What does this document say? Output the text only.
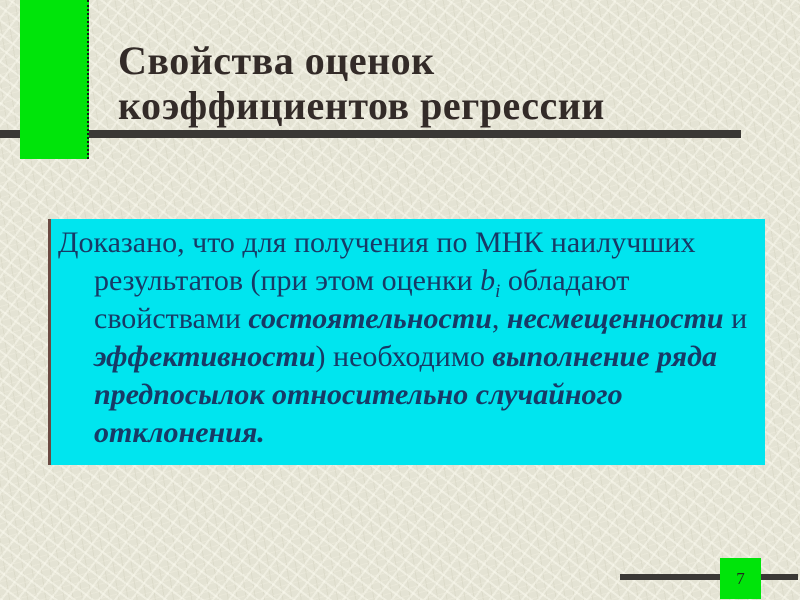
Свойства оценок
коэффициентов регрессии

Доказано, что для получения по МНК наилучших результатов (при этом оценки $b_i$ обладают свойствами состоятельности, несмещенности и эффективности) необходимо выполнение ряда предпосылок относительно случайного отклонения.

7
